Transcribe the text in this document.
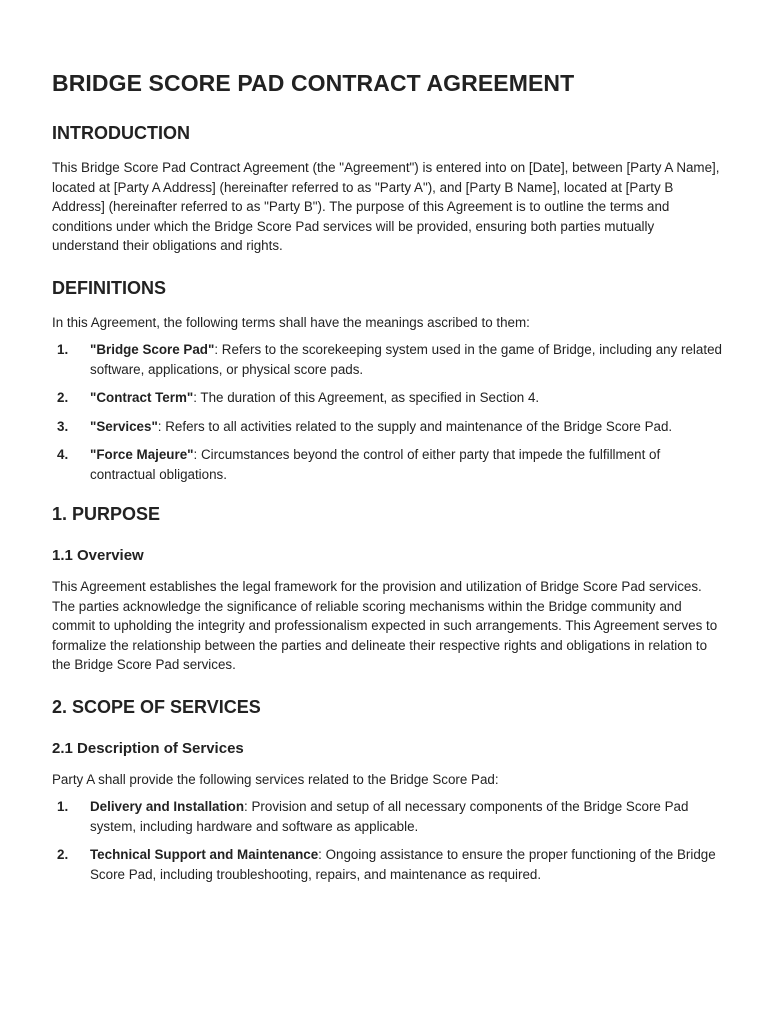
BRIDGE SCORE PAD CONTRACT AGREEMENT
INTRODUCTION

This Bridge Score Pad Contract Agreement (the "Agreement") is entered into on [Date], between [Party A Name], located at [Party A Address] (hereinafter referred to as "Party A"), and [Party B Name], located at [Party B Address] (hereinafter referred to as "Party B"). The purpose of this Agreement is to outline the terms and conditions under which the Bridge Score Pad services will be provided, ensuring both parties mutually understand their obligations and rights.

DEFINITIONS

In this Agreement, the following terms shall have the meanings ascribed to them:

1. "Bridge Score Pad": Refers to the scorekeeping system used in the game of Bridge, including any related software, applications, or physical score pads.
2. "Contract Term": The duration of this Agreement, as specified in Section 4.
3. "Services": Refers to all activities related to the supply and maintenance of the Bridge Score Pad.
4. "Force Majeure": Circumstances beyond the control of either party that impede the fulfillment of contractual obligations.
1. PURPOSE
1.1 Overview

This Agreement establishes the legal framework for the provision and utilization of Bridge Score Pad services. The parties acknowledge the significance of reliable scoring mechanisms within the Bridge community and commit to upholding the integrity and professionalism expected in such arrangements. This Agreement serves to formalize the relationship between the parties and delineate their respective rights and obligations in relation to the Bridge Score Pad services.

2. SCOPE OF SERVICES
2.1 Description of Services

Party A shall provide the following services related to the Bridge Score Pad:

1. Delivery and Installation: Provision and setup of all necessary components of the Bridge Score Pad system, including hardware and software as applicable.
2. Technical Support and Maintenance: Ongoing assistance to ensure the proper functioning of the Bridge Score Pad, including troubleshooting, repairs, and maintenance as required.
